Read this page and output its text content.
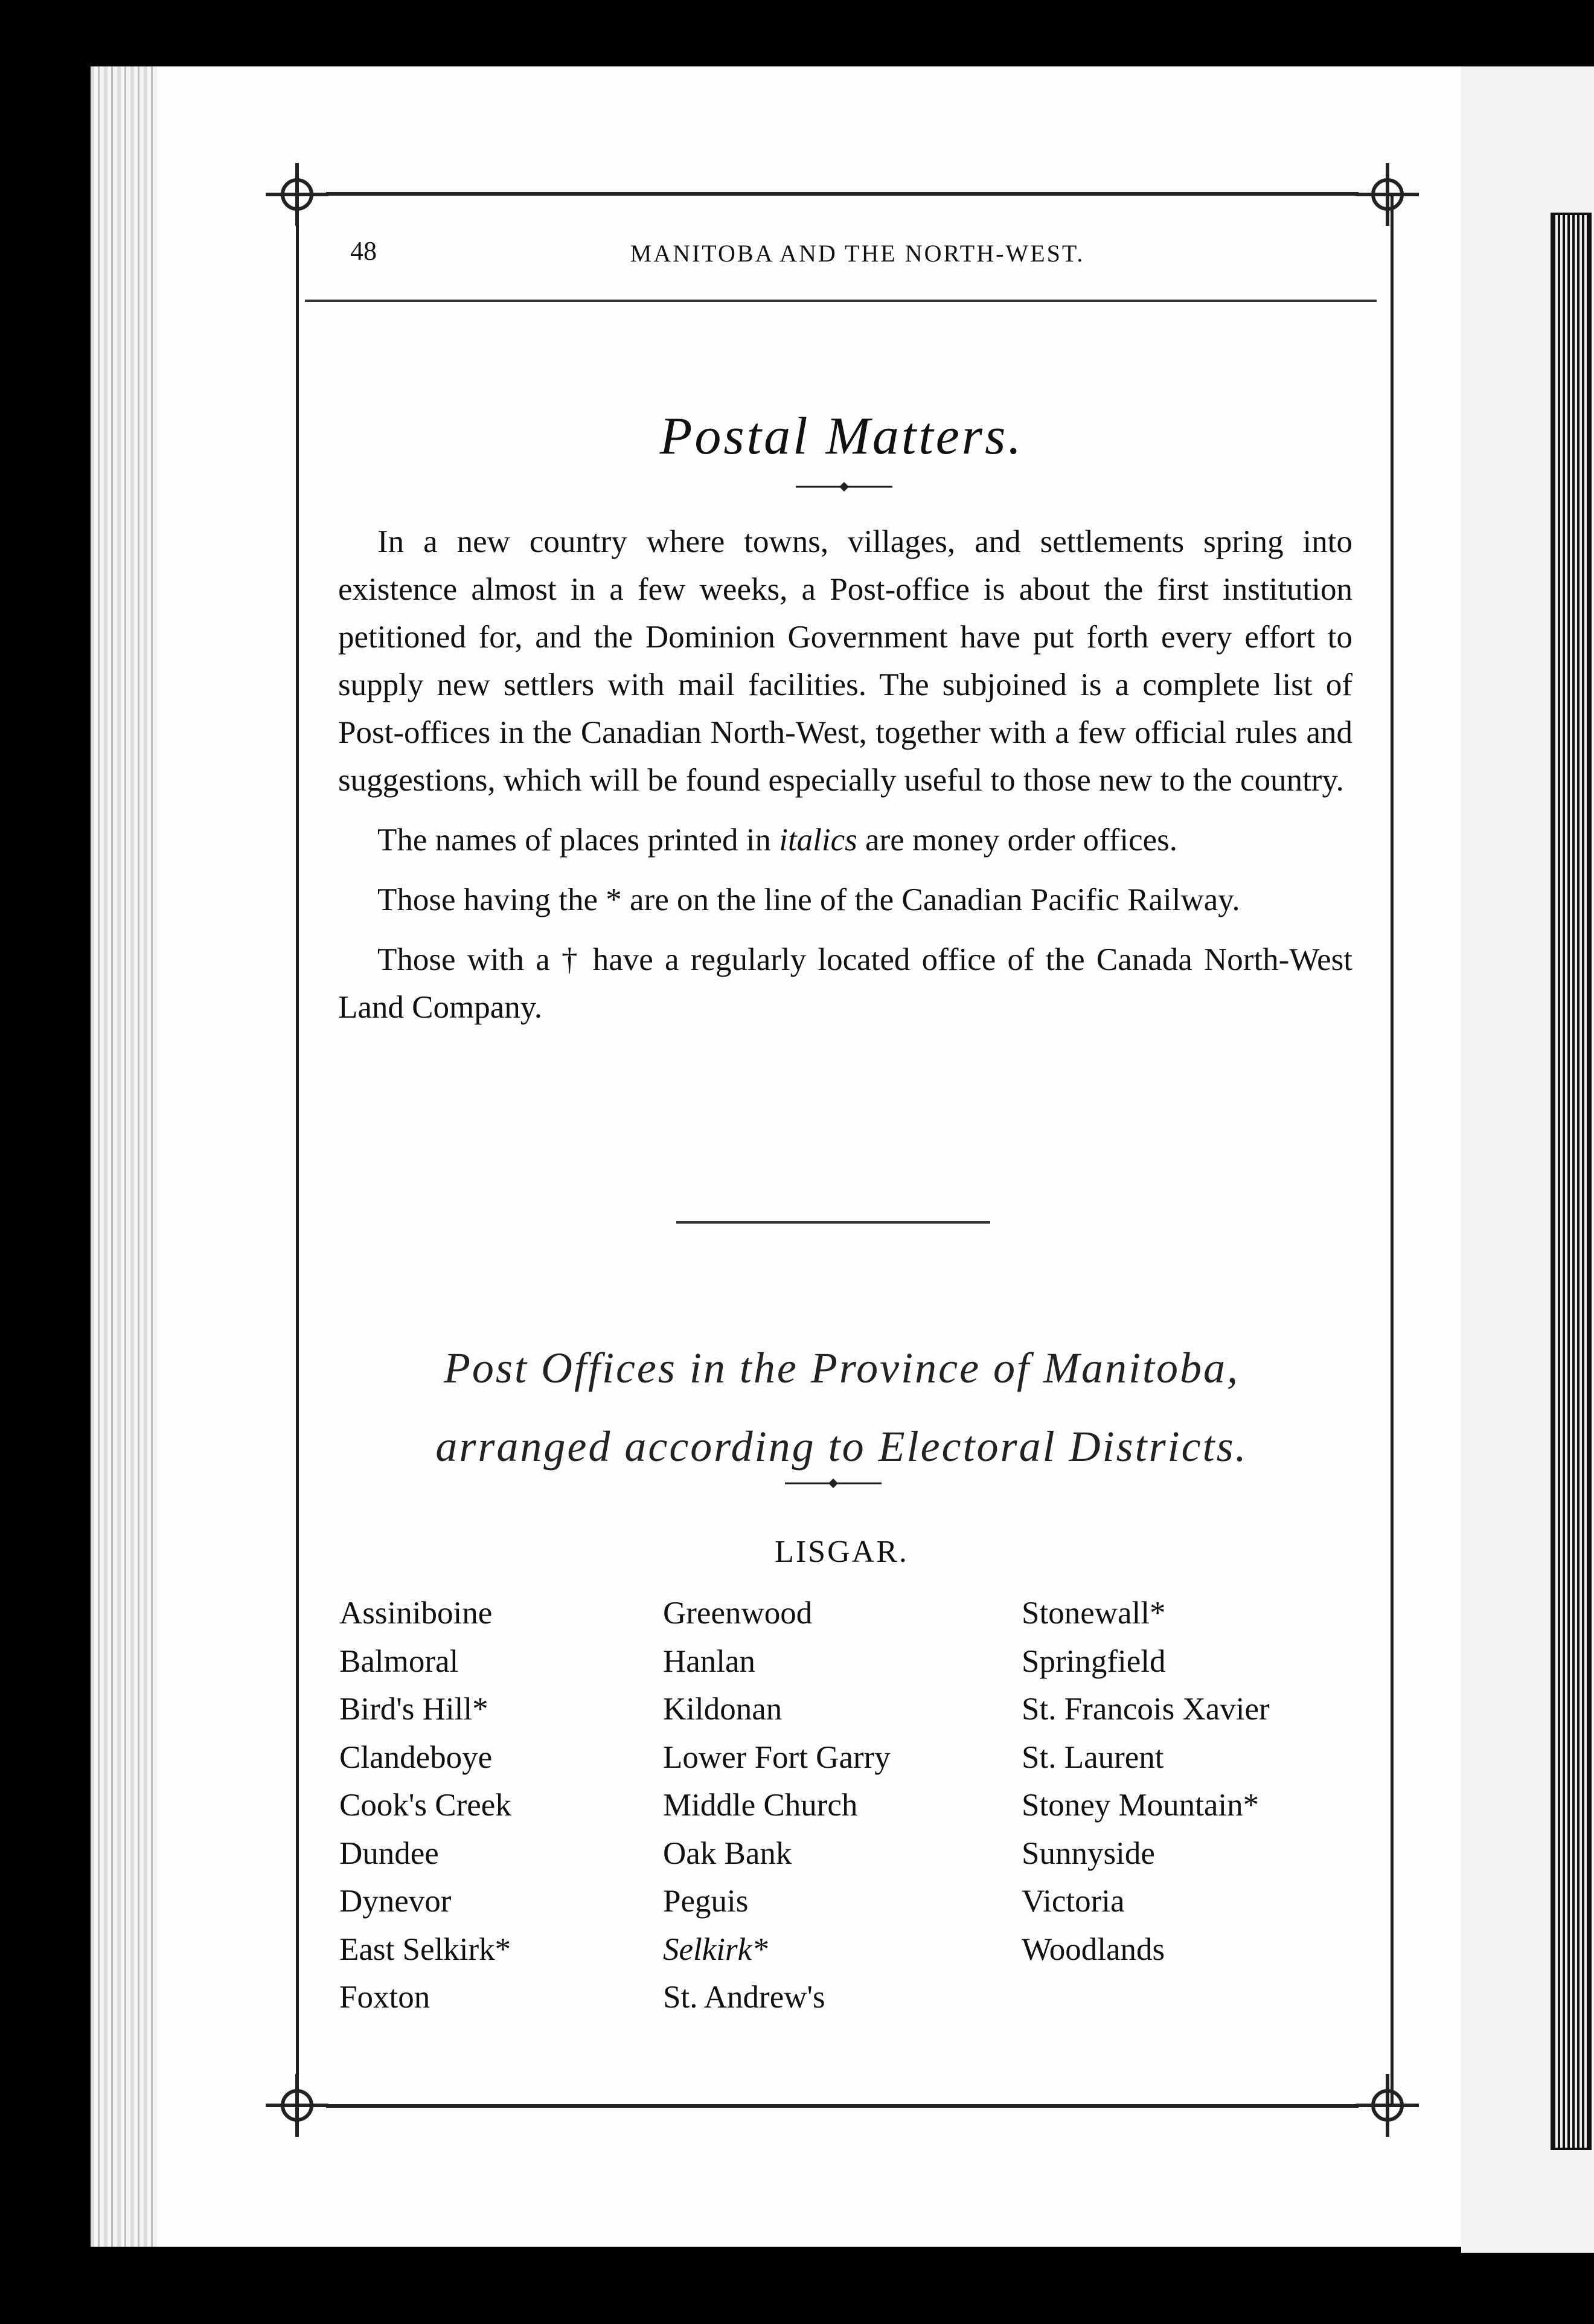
48	MANITOBA AND THE NORTH-WEST.
Postal Matters.

In a new country where towns, villages, and settlements spring into existence almost in a few weeks, a Post-office is about the first institution petitioned for, and the Dominion Government have put forth every effort to supply new settlers with mail facilities. The subjoined is a complete list of Post-offices in the Canadian North-West, together with a few official rules and suggestions, which will be found especially useful to those new to the country.

The names of places printed in italics are money order offices.

Those having the * are on the line of the Canadian Pacific Railway.

Those with a † have a regularly located office of the Canada North-West Land Company.

Post Offices in the Province of Manitoba,
arranged according to Electoral Districts.
LISGAR.
Assiniboine
Balmoral
Bird's Hill*
Clandeboye
Cook's Creek
Dundee
Dynevor
East Selkirk*
Foxton
Greenwood
Hanlan
Kildonan
Lower Fort Garry
Middle Church
Oak Bank
Peguis
Selkirk*
St. Andrew's
Stonewall*
Springfield
St. Francois Xavier
St. Laurent
Stoney Mountain*
Sunnyside
Victoria
Woodlands
